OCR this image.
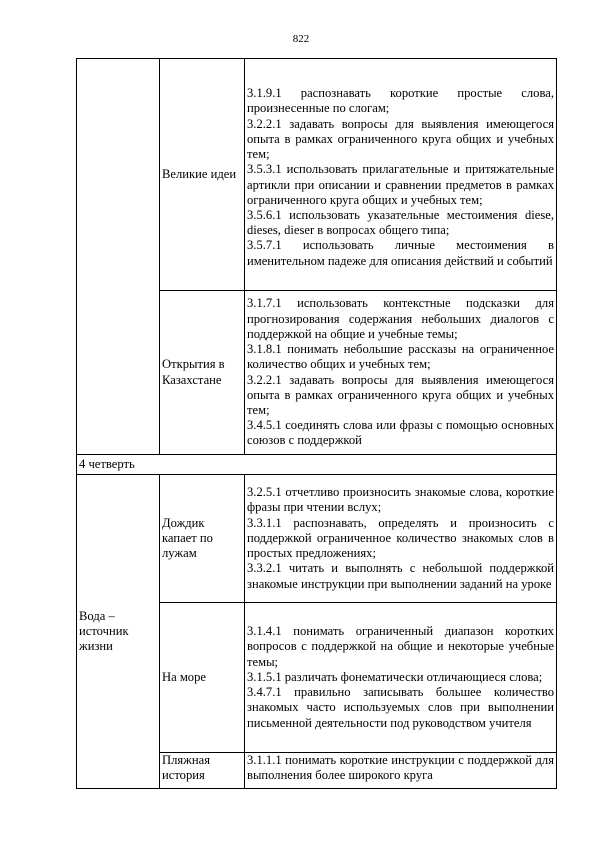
822

	Великие идеи	3.1.9.1 распознавать короткие простые слова, произнесенные по слогам;
3.2.2.1 задавать вопросы для выявления имеющегося опыта в рамках ограниченного круга общих и учебных тем;
3.5.3.1 использовать прилагательные и притяжательные артикли при описании и сравнении предметов в рамках ограниченного круга общих и учебных тем;
3.5.6.1 использовать указательные местоимения diese, dieses, dieser в вопросах общего типа;
3.5.7.1 использовать личные местоимения в именительном падеже для описания действий и событий

	Открытия в Казахстане	3.1.7.1 использовать контекстные подсказки для прогнозирования содержания небольших диалогов с поддержкой на общие и учебные темы;
3.1.8.1 понимать небольшие рассказы на ограниченное количество общих и учебных тем;
3.2.2.1 задавать вопросы для выявления имеющегося опыта в рамках ограниченного круга общих и учебных тем;
3.4.5.1 соединять слова или фразы с помощью основных союзов с поддержкой

4 четверть		
Вода – источник жизни	Дождик капает по лужам	3.2.5.1 отчетливо произносить знакомые слова, короткие фразы при чтении вслух;
3.3.1.1 распознавать, определять и произносить с поддержкой ограниченное количество знакомых слов в простых предложениях;
3.3.2.1 читать и выполнять с небольшой поддержкой знакомые инструкции при выполнении заданий на уроке

	На море	3.1.4.1 понимать ограниченный диапазон коротких вопросов с поддержкой на общие и некоторые учебные темы;
3.1.5.1 различать фонематически отличающиеся слова;
3.4.7.1 правильно записывать большее количество знакомых часто используемых слов при выполнении письменной деятельности под руководством учителя

	Пляжная история	3.1.1.1 понимать короткие инструкции с поддержкой для выполнения более широкого круга
